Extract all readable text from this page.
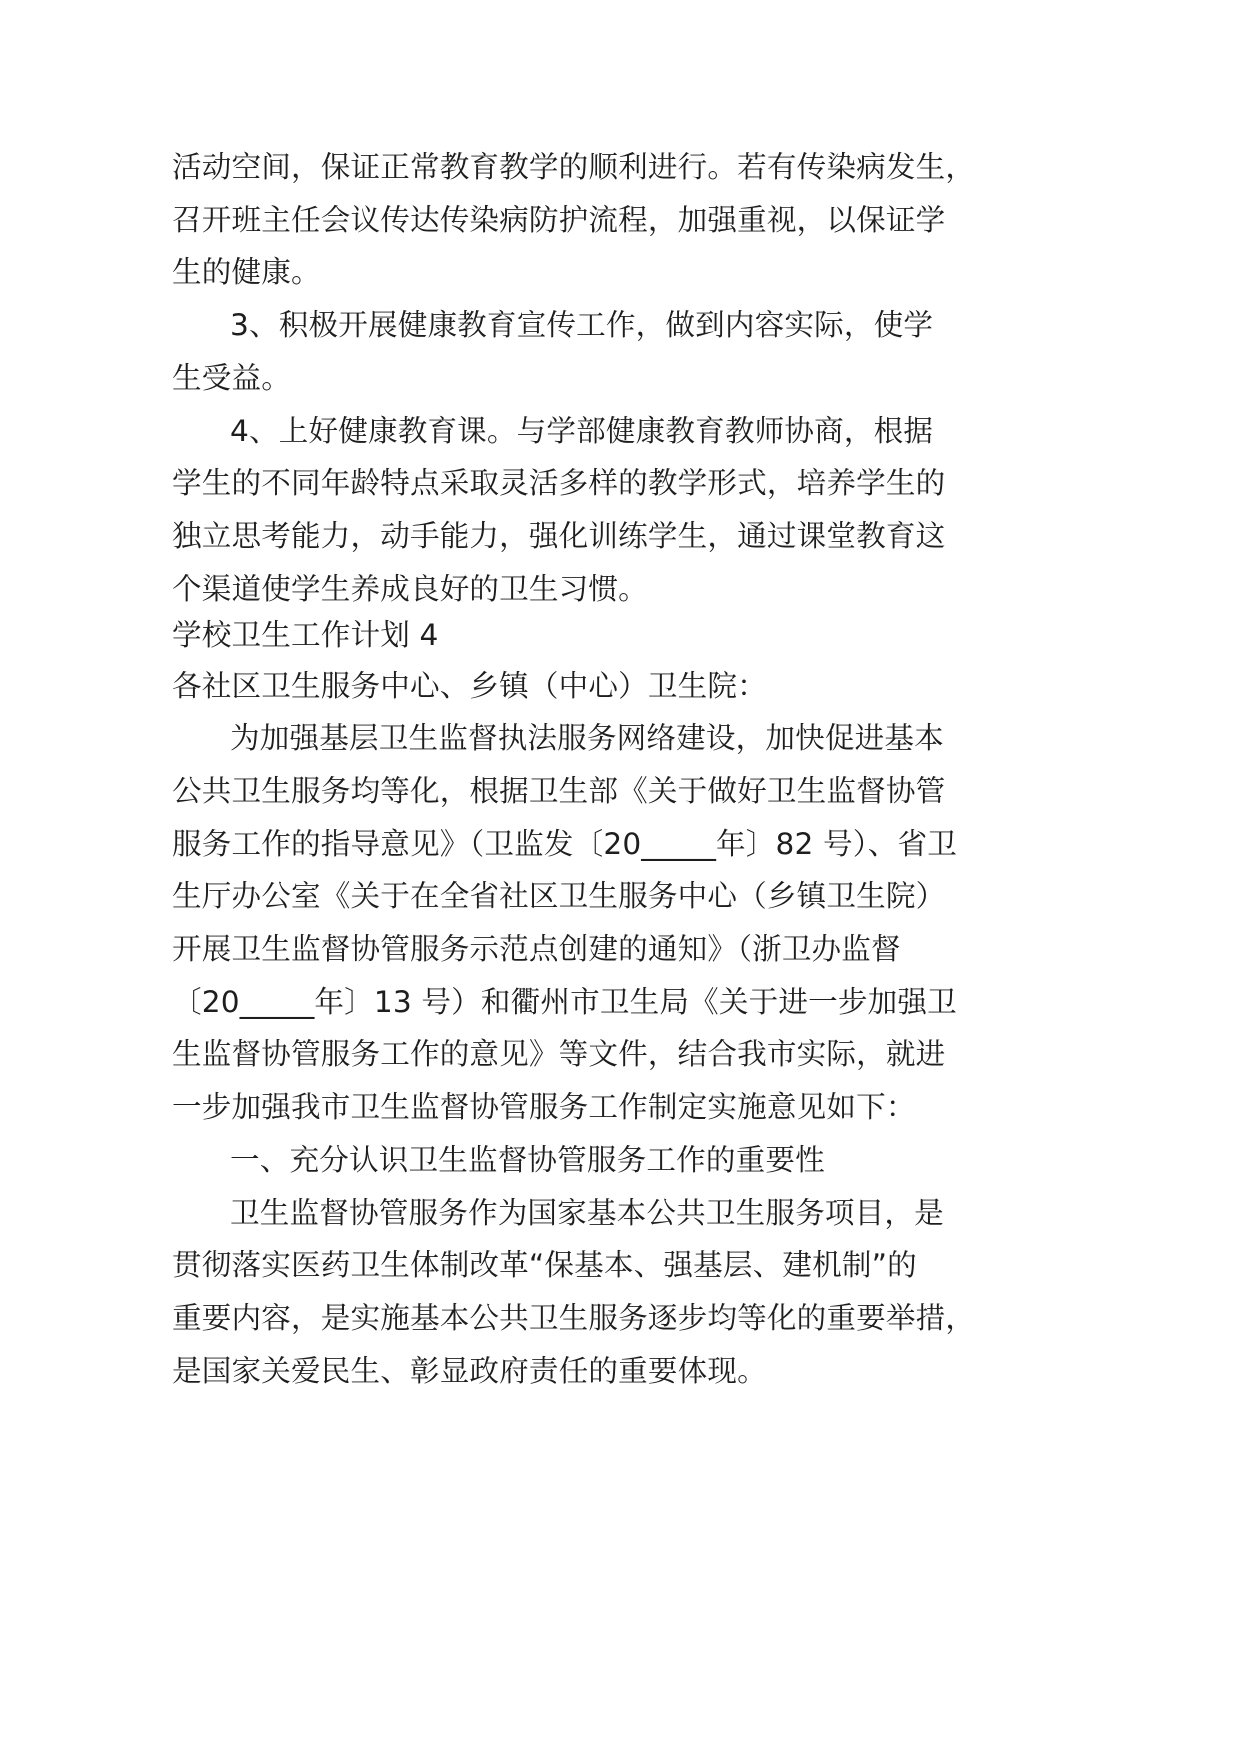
活动空间，保证正常教育教学的顺利进行。若有传染病发生，
召开班主任会议传达传染病防护流程，加强重视，以保证学
生的健康。
3、积极开展健康教育宣传工作，做到内容实际，使学
生受益。
4、上好健康教育课。与学部健康教育教师协商，根据
学生的不同年龄特点采取灵活多样的教学形式，培养学生的
独立思考能力，动手能力，强化训练学生，通过课堂教育这
个渠道使学生养成良好的卫生习惯。
学校卫生工作计划 4
各社区卫生服务中心、乡镇（中心）卫生院：
为加强基层卫生监督执法服务网络建设，加快促进基本
公共卫生服务均等化，根据卫生部《关于做好卫生监督协管
服务工作的指导意见》（卫监发〔20_____年〕82 号）、省卫
生厅办公室《关于在全省社区卫生服务中心（乡镇卫生院）
开展卫生监督协管服务示范点创建的通知》（浙卫办监督
〔20_____年〕13 号）和衢州市卫生局《关于进一步加强卫
生监督协管服务工作的意见》等文件，结合我市实际，就进
一步加强我市卫生监督协管服务工作制定实施意见如下：
一、充分认识卫生监督协管服务工作的重要性
卫生监督协管服务作为国家基本公共卫生服务项目，是
贯彻落实医药卫生体制改革“保基本、强基层、建机制”的
重要内容，是实施基本公共卫生服务逐步均等化的重要举措，
是国家关爱民生、彰显政府责任的重要体现。
